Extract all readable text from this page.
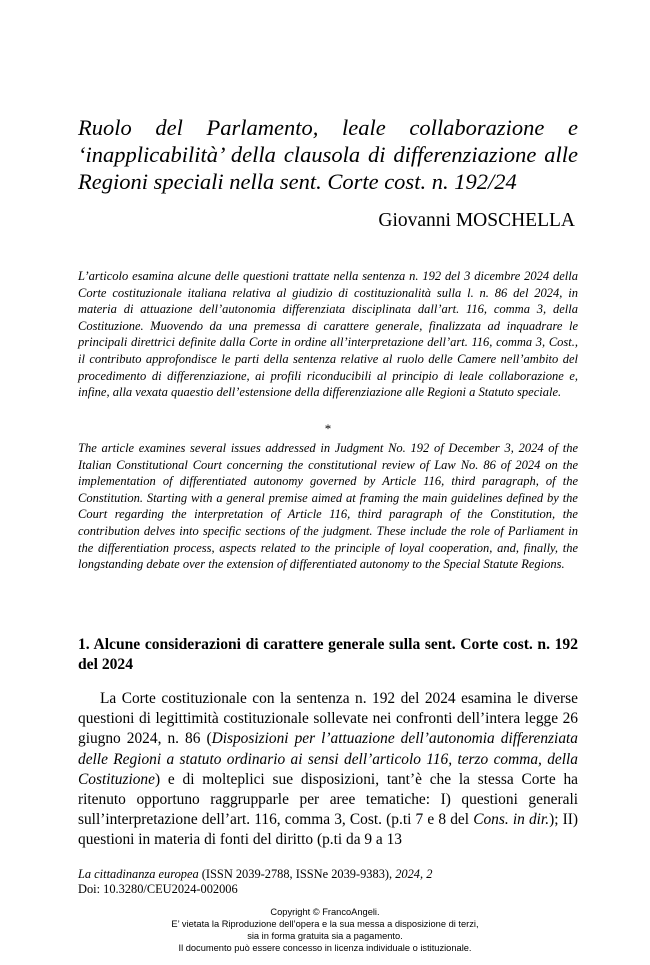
Ruolo del Parlamento, leale collaborazione e ‘inapplicabilità’ della clausola di differenziazione alle Regioni speciali nella sent. Corte cost. n. 192/24
Giovanni MOSCHELLA

L’articolo esamina alcune delle questioni trattate nella sentenza n. 192 del 3 dicembre 2024 della Corte costituzionale italiana relativa al giudizio di costituzionalità sulla l. n. 86 del 2024, in materia di attuazione dell’autonomia differenziata disciplinata dall’art. 116, comma 3, della Costituzione. Muovendo da una premessa di carattere generale, finalizzata ad inquadrare le principali direttrici definite dalla Corte in ordine all’interpretazione dell’art. 116, comma 3, Cost., il contributo approfondisce le parti della sentenza relative al ruolo delle Camere nell’ambito del procedimento di differenziazione, ai profili riconducibili al principio di leale collaborazione e, infine, alla vexata quaestio dell’estensione della differenziazione alle Regioni a Statuto speciale.

*

The article examines several issues addressed in Judgment No. 192 of December 3, 2024 of the Italian Constitutional Court concerning the constitutional review of Law No. 86 of 2024 on the implementation of differentiated autonomy governed by Article 116, third paragraph, of the Constitution. Starting with a general premise aimed at framing the main guidelines defined by the Court regarding the interpretation of Article 116, third paragraph of the Constitution, the contribution delves into specific sections of the judgment. These include the role of Parliament in the differentiation process, aspects related to the principle of loyal cooperation, and, finally, the longstanding debate over the extension of differentiated autonomy to the Special Statute Regions.

1. Alcune considerazioni di carattere generale sulla sent. Corte cost. n. 192 del 2024

La Corte costituzionale con la sentenza n. 192 del 2024 esamina le diverse questioni di legittimità costituzionale sollevate nei confronti dell’intera legge 26 giugno 2024, n. 86 (Disposizioni per l’attuazione dell’autonomia differenziata delle Regioni a statuto ordinario ai sensi dell’articolo 116, terzo comma, della Costituzione) e di molteplici sue disposizioni, tant’è che la stessa Corte ha ritenuto opportuno raggrupparle per aree tematiche: I) questioni generali sull’interpretazione dell’art. 116, comma 3, Cost. (p.ti 7 e 8 del Cons. in dir.); II) questioni in materia di fonti del diritto (p.ti da 9 a 13

La cittadinanza europea (ISSN 2039-2788, ISSNe 2039-9383), 2024, 2
Doi: 10.3280/CEU2024-002006
Copyright © FrancoAngeli.
E’ vietata la Riproduzione dell’opera e la sua messa a disposizione di terzi,
sia in forma gratuita sia a pagamento.
Il documento può essere concesso in licenza individuale o istituzionale.
